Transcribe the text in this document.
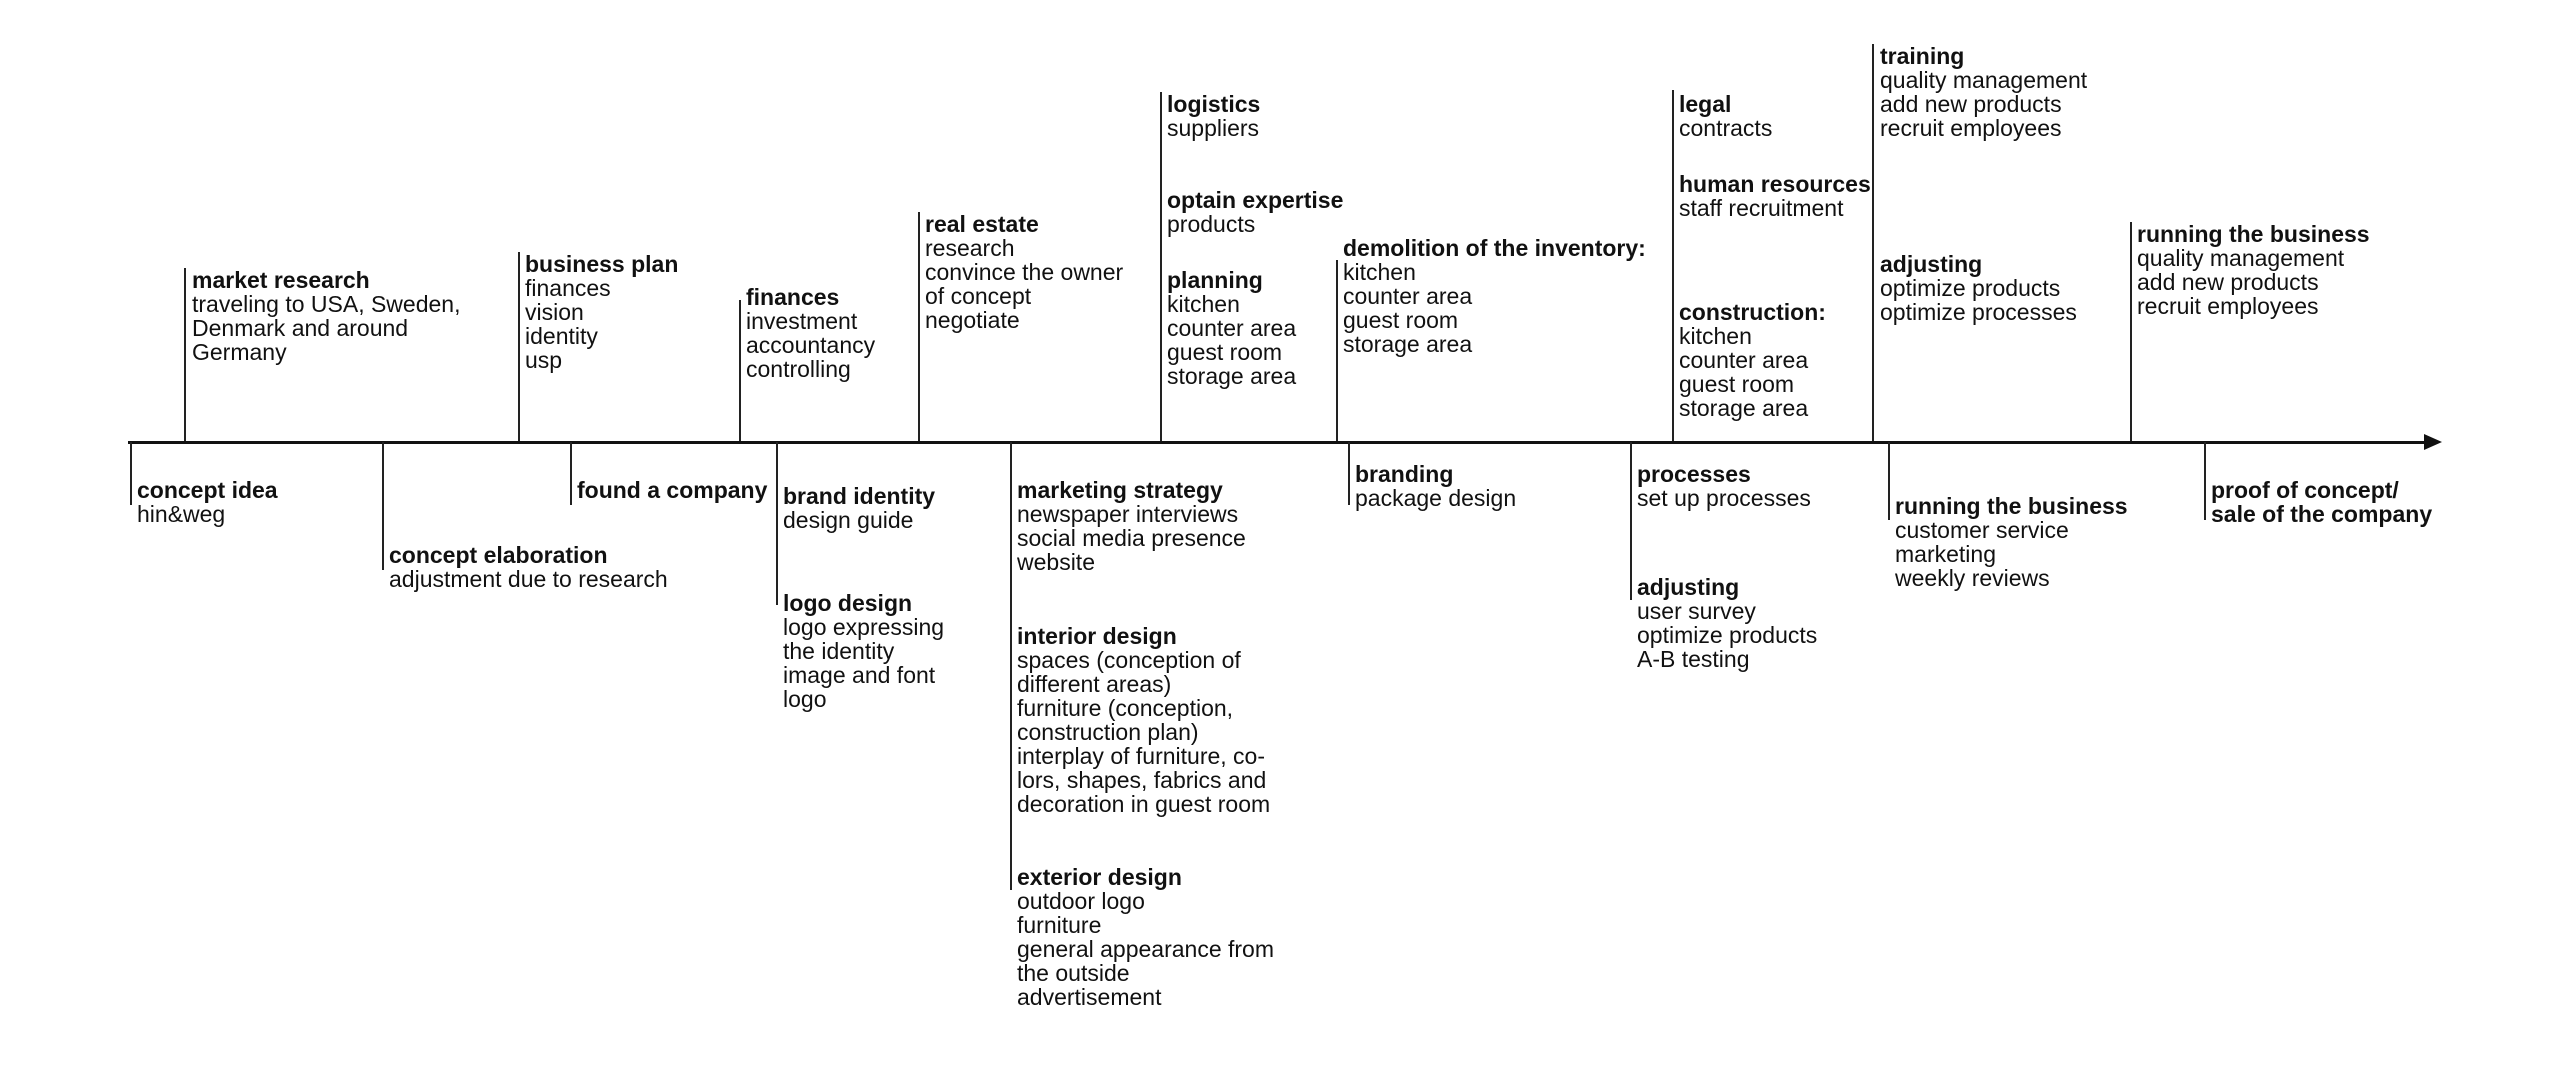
concept idea
hin&weg
market research
traveling to USA, Sweden,
Denmark and around
Germany
concept elaboration
adjustment due to research
business plan
finances
vision
identity
usp
found a company
finances
investment
accountancy
controlling
brand identity
design guide
logo design
logo expressing
the identity
image and font
logo
real estate
research
convince the owner
of concept
negotiate
marketing strategy
newspaper interviews
social media presence
website
interior design
spaces (conception of
different areas)
furniture (conception,
construction plan)
interplay of furniture, co-
lors, shapes, fabrics and
decoration in guest room
exterior design
outdoor logo
furniture
general appearance from
the outside
advertisement
logistics
suppliers
optain expertise
products
planning
kitchen
counter area
guest room
storage area
demolition of the inventory:
kitchen
counter area
guest room
storage area
branding
package design
processes
set up processes
adjusting
user survey
optimize products
A-B testing
legal
contracts
human resources
staff recruitment
construction:
kitchen
counter area
guest room
storage area
training
quality management
add new products
recruit employees
adjusting
optimize products
optimize processes
running the business
customer service
marketing
weekly reviews
running the business
quality management
add new products
recruit employees
proof of concept/
sale of the company
